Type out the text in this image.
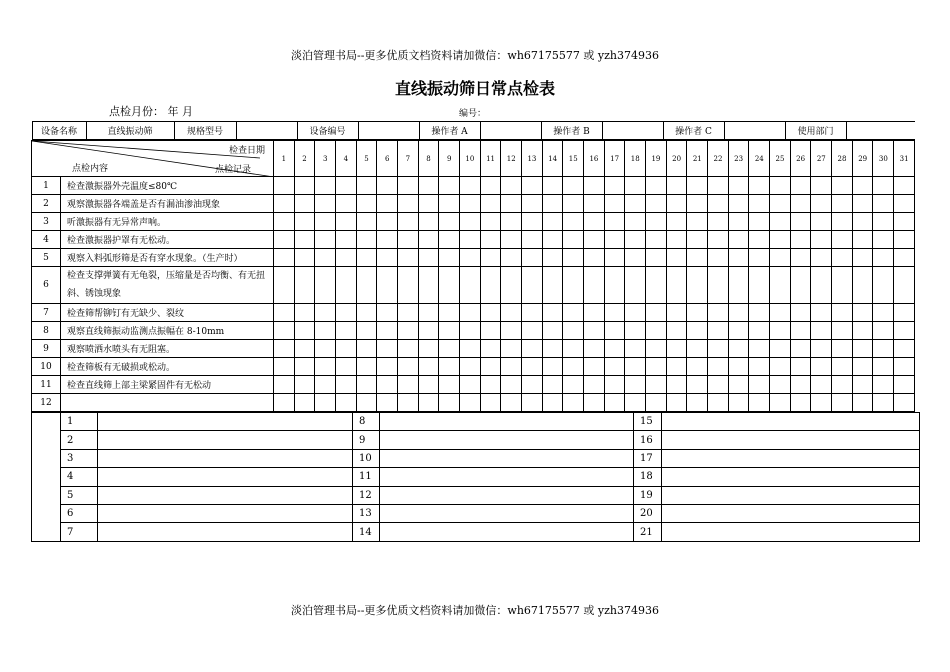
淡泊管理书局--更多优质文档资料请加微信：wh67175577 或 yzh374936
直线振动筛日常点检表
点检月份： 年 月	编号：
设备名称	直线振动筛	规格型号		设备编号		操作者 A		操作者 B		操作者 C		使用部门	

检查日期
点检内容	点检记录
	1	2	3	4	5	6	7	8	9	10	11	12	13	14	15	16	17	18	19	20	21	22	23	24	25	26	27	28	29	30	31
1	检查激振器外壳温度≤80℃																															
2	观察激振器各端盖是否有漏油渗油现象																															
3	听激振器有无异常声响。																															
4	检查激振器护罩有无松动。																															
5	观察入料弧形筛是否有穿水现象。（生产时）																															
6	检查支撑弹簧有无龟裂，压缩量是否均衡、有无扭斜、锈蚀现象																															
7	检查筛帮铆钉有无缺少、裂纹																															
8	观察直线筛振动监测点振幅在 8-10mm																															
9	观察喷洒水喷头有无阻塞。																															
10	检查筛板有无破损或松动。																															
11	检查直线筛上部主梁紧固件有无松动																															
12																																
	1		8		15	
	2		9		16	
	3		10		17	
	4		11		18	
	5		12		19	
	6		13		20	
	7		14		21	
淡泊管理书局--更多优质文档资料请加微信：wh67175577 或 yzh374936
